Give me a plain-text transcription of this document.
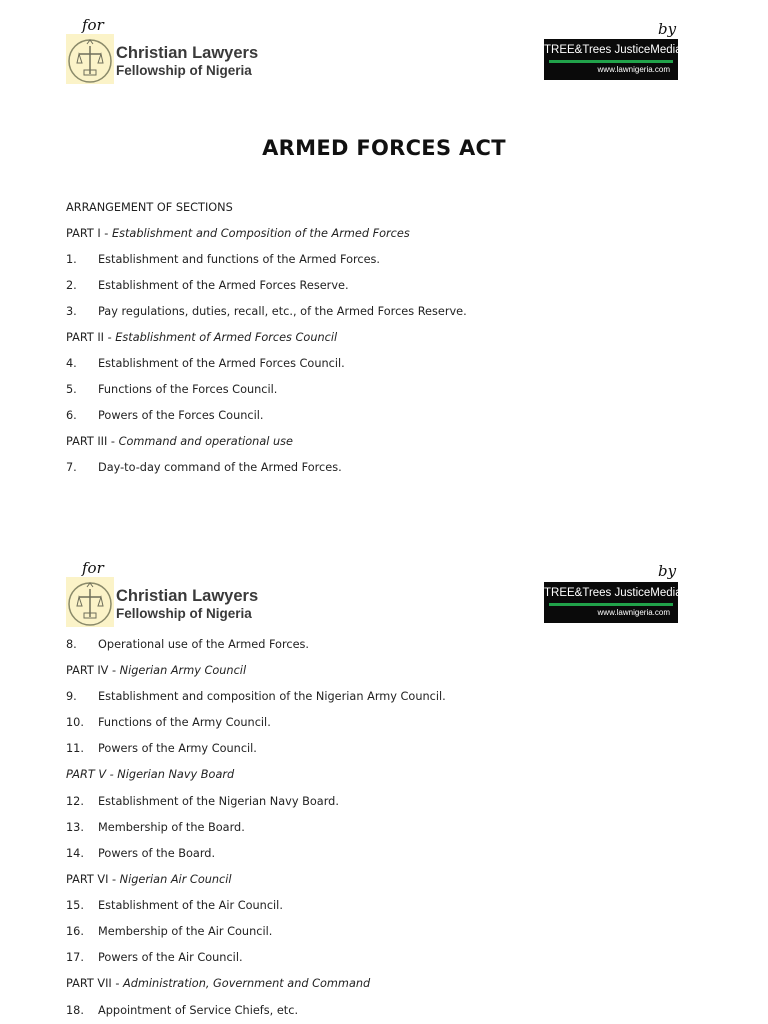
for
Christian Lawyers
Fellowship of Nigeria
by
TREE&Trees JusticeMedia
www.lawnigeria.com
ARMED FORCES ACT
ARRANGEMENT OF SECTIONS
PART I - Establishment and Composition of the Armed Forces
1. Establishment and functions of the Armed Forces.
2. Establishment of the Armed Forces Reserve.
3. Pay regulations, duties, recall, etc., of the Armed Forces Reserve.
PART II - Establishment of Armed Forces Council
4. Establishment of the Armed Forces Council.
5. Functions of the Forces Council.
6. Powers of the Forces Council.
PART III - Command and operational use
7. Day-to-day command of the Armed Forces.
for
Christian Lawyers
Fellowship of Nigeria
by
TREE&Trees JusticeMedia
www.lawnigeria.com
8. Operational use of the Armed Forces.
PART IV - Nigerian Army Council
9. Establishment and composition of the Nigerian Army Council.
10. Functions of the Army Council.
11. Powers of the Army Council.
PART V - Nigerian Navy Board
12. Establishment of the Nigerian Navy Board.
13. Membership of the Board.
14. Powers of the Board.
PART VI - Nigerian Air Council
15. Establishment of the Air Council.
16. Membership of the Air Council.
17. Powers of the Air Council.
PART VII - Administration, Government and Command
18. Appointment of Service Chiefs, etc.
